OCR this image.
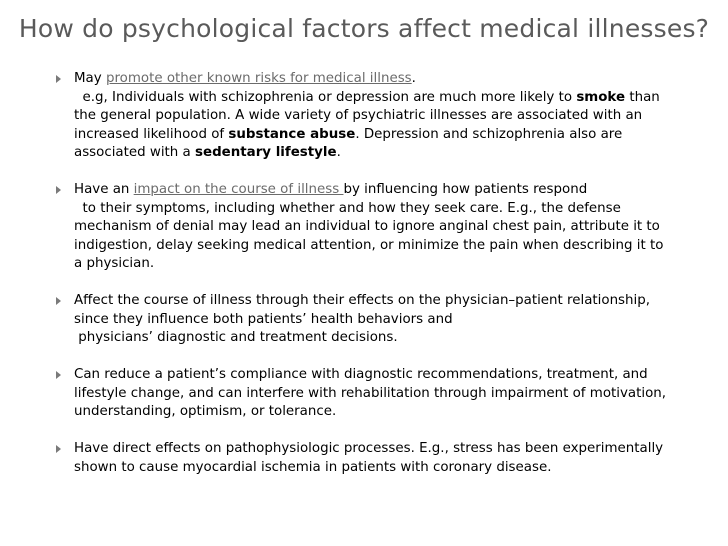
How do psychological factors affect medical illnesses?
May promote other known risks for medical illness.
e.g, Individuals with schizophrenia or depression are much more likely to smoke than
the general population. A wide variety of psychiatric illnesses are associated with an
increased likelihood of substance abuse. Depression and schizophrenia also are
associated with a sedentary lifestyle.
Have an impact on the course of illness by influencing how patients respond
to their symptoms, including whether and how they seek care. E.g., the defense
mechanism of denial may lead an individual to ignore anginal chest pain, attribute it to
indigestion, delay seeking medical attention, or minimize the pain when describing it to
a physician.
Affect the course of illness through their effects on the physician–patient relationship,
since they influence both patients’ health behaviors and
physicians’ diagnostic and treatment decisions.
Can reduce a patient’s compliance with diagnostic recommendations, treatment, and
lifestyle change, and can interfere with rehabilitation through impairment of motivation,
understanding, optimism, or tolerance.
Have direct effects on pathophysiologic processes. E.g., stress has been experimentally
shown to cause myocardial ischemia in patients with coronary disease.
